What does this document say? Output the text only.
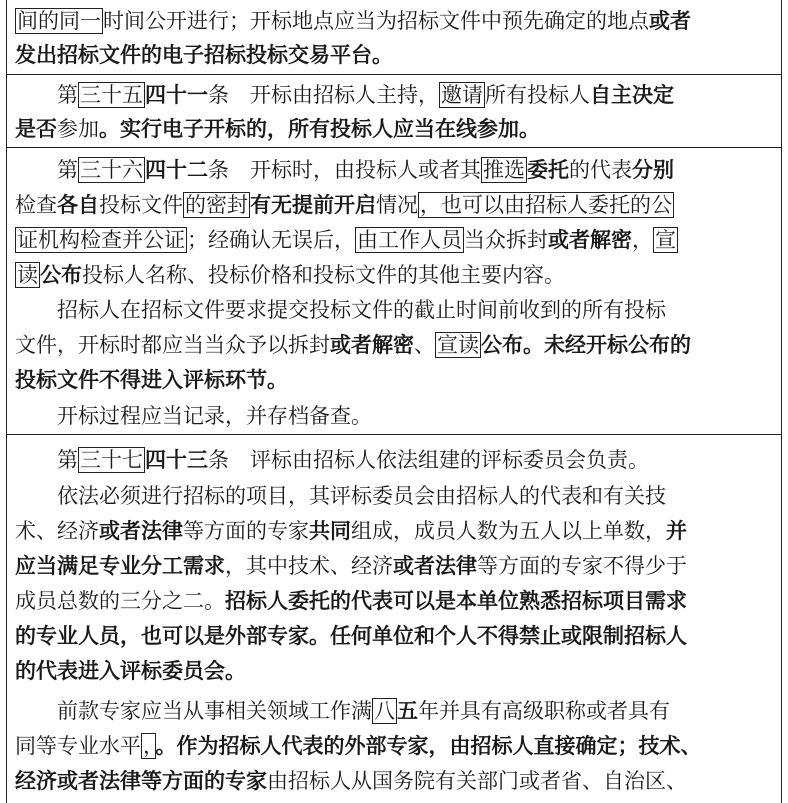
间的同一时间公开进行；开标地点应当为招标文件中预先确定的地点或者
发出招标文件的电子招标投标交易平台。
第三十五四十一条　开标由招标人主持，邀请所有投标人自主决定
是否参加。实行电子开标的，所有投标人应当在线参加。
第三十六四十二条　开标时，由投标人或者其推选委托的代表分别
检查各自投标文件的密封有无提前开启情况，也可以由招标人委托的公
证机构检查并公证；经确认无误后，由工作人员当众拆封或者解密，宣
读公布投标人名称、投标价格和投标文件的其他主要内容。
招标人在招标文件要求提交投标文件的截止时间前收到的所有投标
文件，开标时都应当当众予以拆封或者解密、宣读公布。未经开标公布的
投标文件不得进入评标环节。
开标过程应当记录，并存档备查。
第三十七四十三条　评标由招标人依法组建的评标委员会负责。
依法必须进行招标的项目，其评标委员会由招标人的代表和有关技
术、经济或者法律等方面的专家共同组成，成员人数为五人以上单数，并
应当满足专业分工需求，其中技术、经济或者法律等方面的专家不得少于
成员总数的三分之二。招标人委托的代表可以是本单位熟悉招标项目需求
的专业人员，也可以是外部专家。任何单位和个人不得禁止或限制招标人
的代表进入评标委员会。
前款专家应当从事相关领域工作满八五年并具有高级职称或者具有
同等专业水平，。作为招标人代表的外部专家，由招标人直接确定；技术、
经济或者法律等方面的专家由招标人从国务院有关部门或者省、自治区、
